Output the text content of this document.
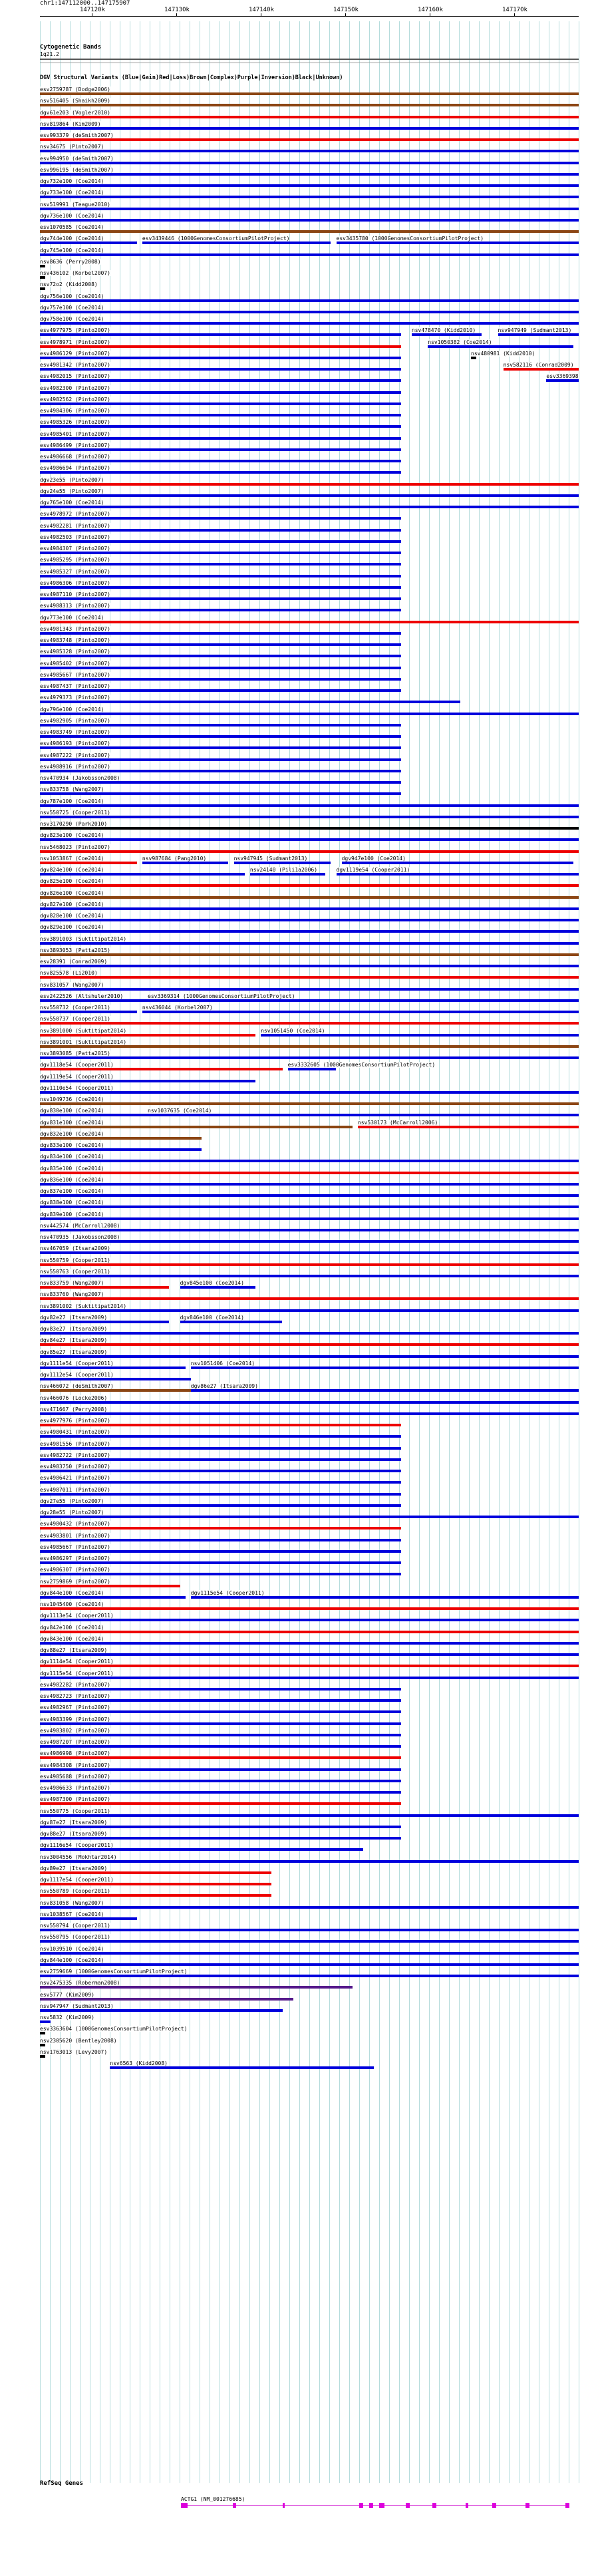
chr1:147112000..147175907
147120k	147130k	147140k	147150k	147160k	147170k
Cytogenetic Bands
1q21.2
DGV Structural Variants (Blue|Gain)Red|Loss)Brown|Complex)Purple|Inversion)Black|Unknown)
esv2759787 (Dodge2006)
nsv516405 (Shaikh2009)
dgv61e203 (Vogler2010)
nsv819864 (Kim2009)
esv993379 (deSmith2007)
nsv34675 (Pinto2007)
esv994950 (deSmith2007)
esv996195 (deSmith2007)
dgv732e100 (Coe2014)
dgv733e100 (Coe2014)
nsv519991 (Teague2010)
dgv736e100 (Coe2014)
esv1070585 (Coe2014)
dgv744e100 (Coe2014)	esv3439446 (1000GenomesConsortiumPilotProject)	esv3435780 (1000GenomesConsortiumPilotProject)
dgv745e100 (Coe2014)
nsv8636 (Perry2008)
nsv436102 (Korbel2007)
nsv72o2 (Kidd2008)
dgv756e100 (Coe2014)
dgv757e100 (Coe2014)
dgv758e100 (Coe2014)
esv4977975 (Pinto2007)	nsv478470 (Kidd2010)	nsv947949 (Sudmant2013)
esv4978971 (Pinto2007)	nsv1050382 (Coe2014)
esv4986129 (Pinto2007)	nsv480981 (Kidd2010)
esv4981342 (Pinto2007)	nsv582116 (Conrad2009)
esv4982015 (Pinto2007)	esv3369398
esv4982300 (Pinto2007)
esv4982562 (Pinto2007)
esv4984306 (Pinto2007)
esv4985326 (Pinto2007)
esv4985401 (Pinto2007)
esv4986499 (Pinto2007)
esv4986668 (Pinto2007)
esv4986694 (Pinto2007)
dgv23e55 (Pinto2007)
dgv24e55 (Pinto2007)
dgv765e100 (Coe2014)
esv4978972 (Pinto2007)
esv4982281 (Pinto2007)
esv4982503 (Pinto2007)
esv4984307 (Pinto2007)
esv4985295 (Pinto2007)
esv4985327 (Pinto2007)
esv4986306 (Pinto2007)
esv4987110 (Pinto2007)
esv4988313 (Pinto2007)
dgv773e100 (Coe2014)
esv4981343 (Pinto2007)
esv4983748 (Pinto2007)
esv4985328 (Pinto2007)
esv4985402 (Pinto2007)
esv4985667 (Pinto2007)
esv4987437 (Pinto2007)
esv4979373 (Pinto2007)
dgv796e100 (Coe2014)
esv4982905 (Pinto2007)
esv4983749 (Pinto2007)
esv4986193 (Pinto2007)
esv4987222 (Pinto2007)
esv4988916 (Pinto2007)
nsv470934 (Jakobsson2008)
nsv833758 (Wang2007)
dgv787e100 (Coe2014)
nsv550725 (Cooper2011)
nsv3170290 (Park2010)
dgv823e100 (Coe2014)
nsv5468023 (Pinto2007)
nsv1053867 (Coe2014)	nsv987684 (Pang2010)	nsv947945 (Sudmant2013)	dgv947e100 (Coe2014)
dgv824e100 (Coe2014)	nsv24140 (Pili1a2006)	dgv1119e54 (Cooper2011)
dgv825e100 (Coe2014)
dgv826e100 (Coe2014)
dgv827e100 (Coe2014)
dgv828e100 (Coe2014)
dgv829e100 (Coe2014)
nsv3891003 (Suktitipat2014)
nsv3893053 (Patta2015)
esv28391 (Conrad2009)
nsv825578 (Li2010)
nsv831057 (Wang2007)
esv2422526 (Altshuler2010)	esv3369314 (1000GenomesConsortiumPilotProject)
nsv550732 (Cooper2011)	nsv436044 (Korbel2007)
nsv550737 (Cooper2011)
nsv3891000 (Suktitipat2014)	nsv1051450 (Coe2014)
nsv3891001 (Suktitipat2014)
nsv3893085 (Patta2015)
dgv1118e54 (Cooper2011)	esv3332605 (1000GenomesConsortiumPilotProject)
dgv1119e54 (Cooper2011)
dgv1110e54 (Cooper2011)
nsv1049736 (Coe2014)
dgv830e100 (Coe2014)	nsv1037635 (Coe2014)
dgv831e100 (Coe2014)	nsv530173 (McCarroll2006)
dgv832e100 (Coe2014)
dgv833e100 (Coe2014)
dgv834e100 (Coe2014)
dgv835e100 (Coe2014)
dgv836e100 (Coe2014)
dgv837e100 (Coe2014)
dgv838e100 (Coe2014)
dgv839e100 (Coe2014)
nsv442574 (McCarroll2008)
nsv470935 (Jakobsson2008)
nsv467059 (Itsara2009)
nsv550759 (Cooper2011)
nsv550763 (Cooper2011)
nsv833759 (Wang2007)	dgv845e100 (Coe2014)
nsv833760 (Wang2007)
nsv3891002 (Suktitipat2014)
dgv82e27 (Itsara2009)	dgv846e100 (Coe2014)
dgv83e27 (Itsara2009)
dgv84e27 (Itsara2009)
dgv85e27 (Itsara2009)
dgv1111e54 (Cooper2011)	nsv1051406 (Coe2014)
dgv1112e54 (Cooper2011)
nsv466072 (deSmith2007)	dgv86e27 (Itsara2009)
nsv466076 (Locke2006)
nsv471667 (Perry2008)
esv4977976 (Pinto2007)
esv4980431 (Pinto2007)
esv4981556 (Pinto2007)
esv4982722 (Pinto2007)
esv4983750 (Pinto2007)
esv4986421 (Pinto2007)
esv4987011 (Pinto2007)
dgv27e55 (Pinto2007)
dgv28e55 (Pinto2007)
esv4980432 (Pinto2007)
esv4983801 (Pinto2007)
esv4985667 (Pinto2007)
esv4986297 (Pinto2007)
esv4986307 (Pinto2007)
nsv2759869 (Pinto2007)
dgv844e100 (Coe2014)	dgv1115e54 (Cooper2011)
nsv1045400 (Coe2014)
dgv1113e54 (Cooper2011)
dgv842e100 (Coe2014)
dgv843e100 (Coe2014)
dgv88e27 (Itsara2009)
dgv1114e54 (Cooper2011)
dgv1115e54 (Cooper2011)
esv4982282 (Pinto2007)
esv4982723 (Pinto2007)
esv4982967 (Pinto2007)
esv4983399 (Pinto2007)
esv4983802 (Pinto2007)
esv4987207 (Pinto2007)
esv4986998 (Pinto2007)
esv4984308 (Pinto2007)
esv4985688 (Pinto2007)
esv4986633 (Pinto2007)
esv4987300 (Pinto2007)
nsv550775 (Cooper2011)
dgv87e27 (Itsara2009)
dgv88e27 (Itsara2009)
dgv1116e54 (Cooper2011)
nsv3004556 (Mokhtar2014)
dgv89e27 (Itsara2009)
dgv1117e54 (Cooper2011)
nsv550789 (Cooper2011)
nsv831058 (Wang2007)
nsv1038567 (Coe2014)
nsv550794 (Cooper2011)
nsv550795 (Cooper2011)
nsv1039510 (Coe2014)
dgv844e100 (Coe2014)
esv2759669 (1000GenomesConsortiumPilotProject)
nsv2475335 (Roberman2008)
esv5777 (Kim2009)
nsv947947 (Sudmant2013)
nsv5832 (Kim2009)
esv3363604 (1000GenomesConsortiumPilotProject)
nsv2305620 (Bentley2008)
nsv1763013 (Levy2007)
nsv6563 (Kidd2008)
RefSeq Genes
ACTG1 (NM_001276685)
